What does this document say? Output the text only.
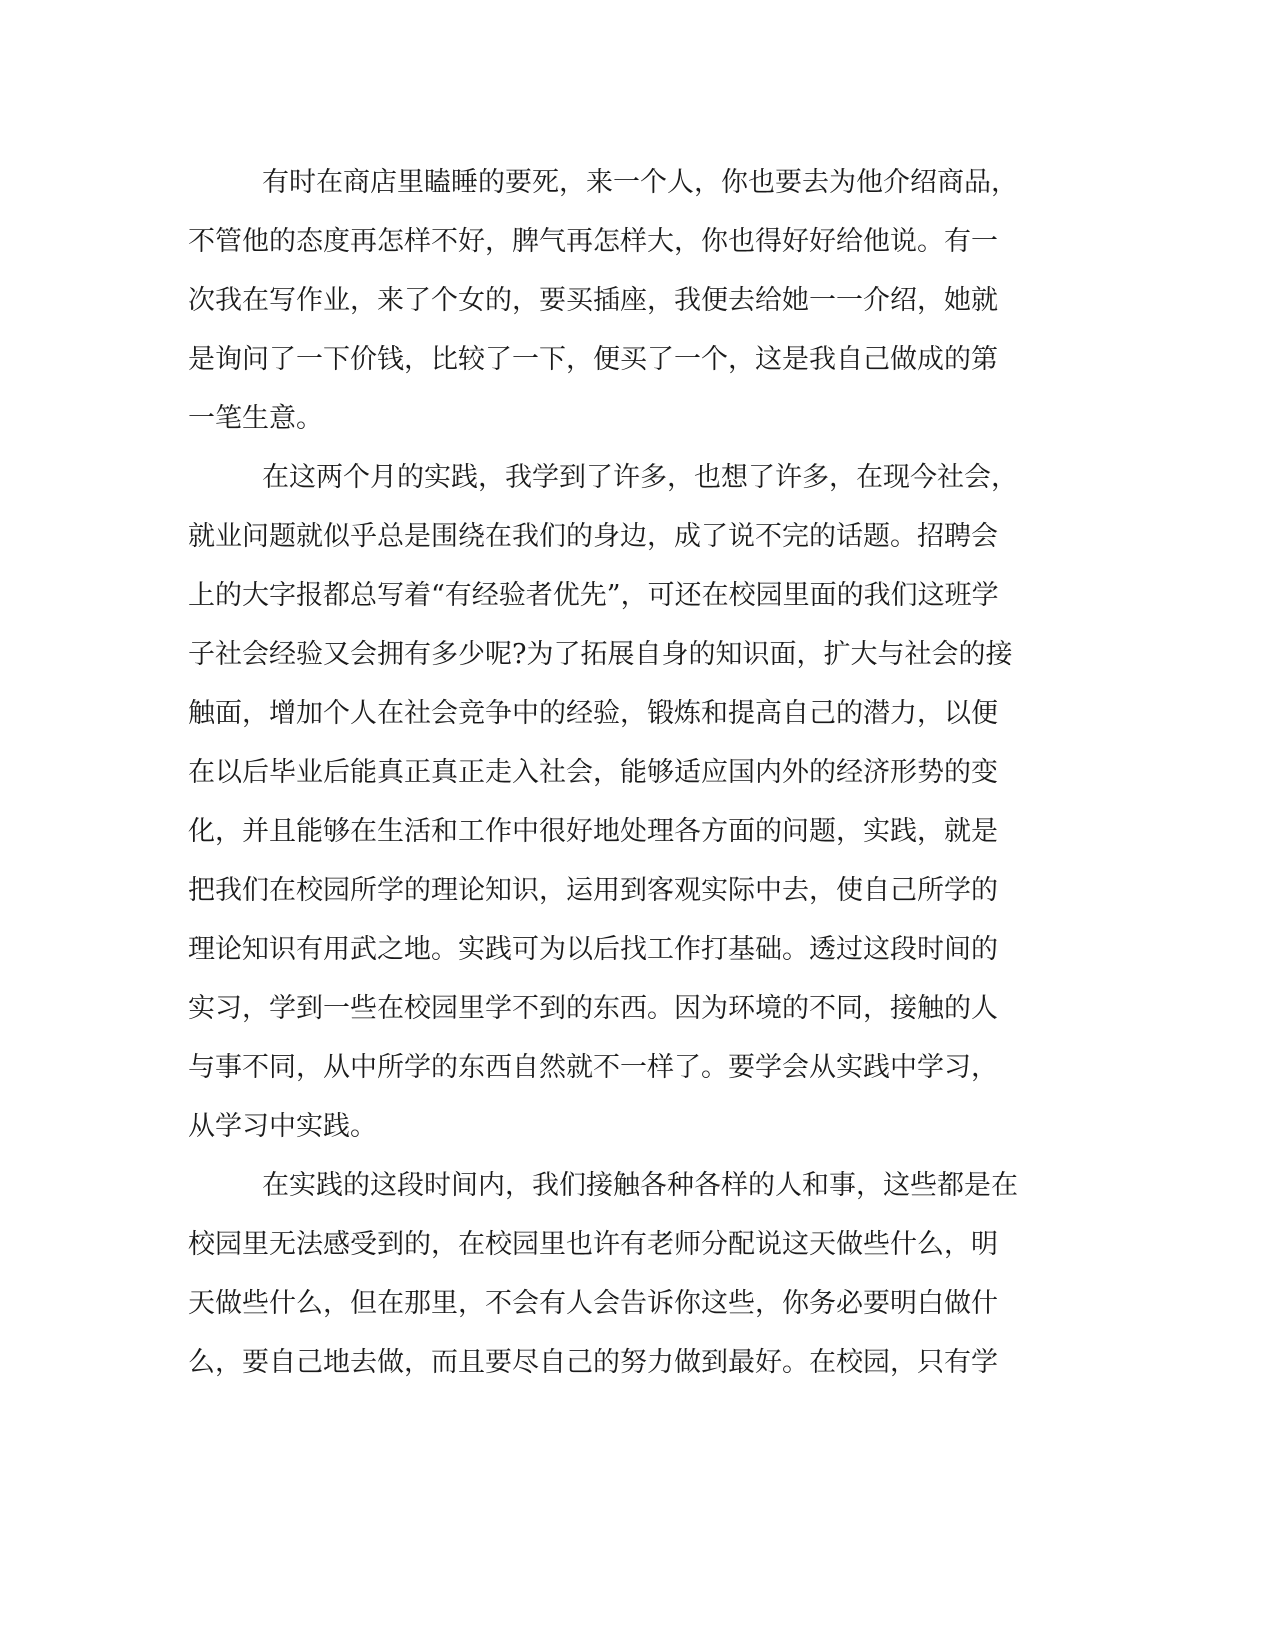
有时在商店里瞌睡的要死，来一个人，你也要去为他介绍商品，

不管他的态度再怎样不好，脾气再怎样大，你也得好好给他说。有一

次我在写作业，来了个女的，要买插座，我便去给她一一介绍，她就

是询问了一下价钱，比较了一下，便买了一个，这是我自己做成的第

一笔生意。

在这两个月的实践，我学到了许多，也想了许多，在现今社会，

就业问题就似乎总是围绕在我们的身边，成了说不完的话题。招聘会

上的大字报都总写着“有经验者优先”，可还在校园里面的我们这班学

子社会经验又会拥有多少呢?为了拓展自身的知识面，扩大与社会的接

触面，增加个人在社会竞争中的经验，锻炼和提高自己的潜力，以便

在以后毕业后能真正真正走入社会，能够适应国内外的经济形势的变

化，并且能够在生活和工作中很好地处理各方面的问题，实践，就是

把我们在校园所学的理论知识，运用到客观实际中去，使自己所学的

理论知识有用武之地。实践可为以后找工作打基础。透过这段时间的

实习，学到一些在校园里学不到的东西。因为环境的不同，接触的人

与事不同，从中所学的东西自然就不一样了。要学会从实践中学习，

从学习中实践。

在实践的这段时间内，我们接触各种各样的人和事，这些都是在

校园里无法感受到的，在校园里也许有老师分配说这天做些什么，明

天做些什么，但在那里，不会有人会告诉你这些，你务必要明白做什

么，要自己地去做，而且要尽自己的努力做到最好。在校园，只有学
